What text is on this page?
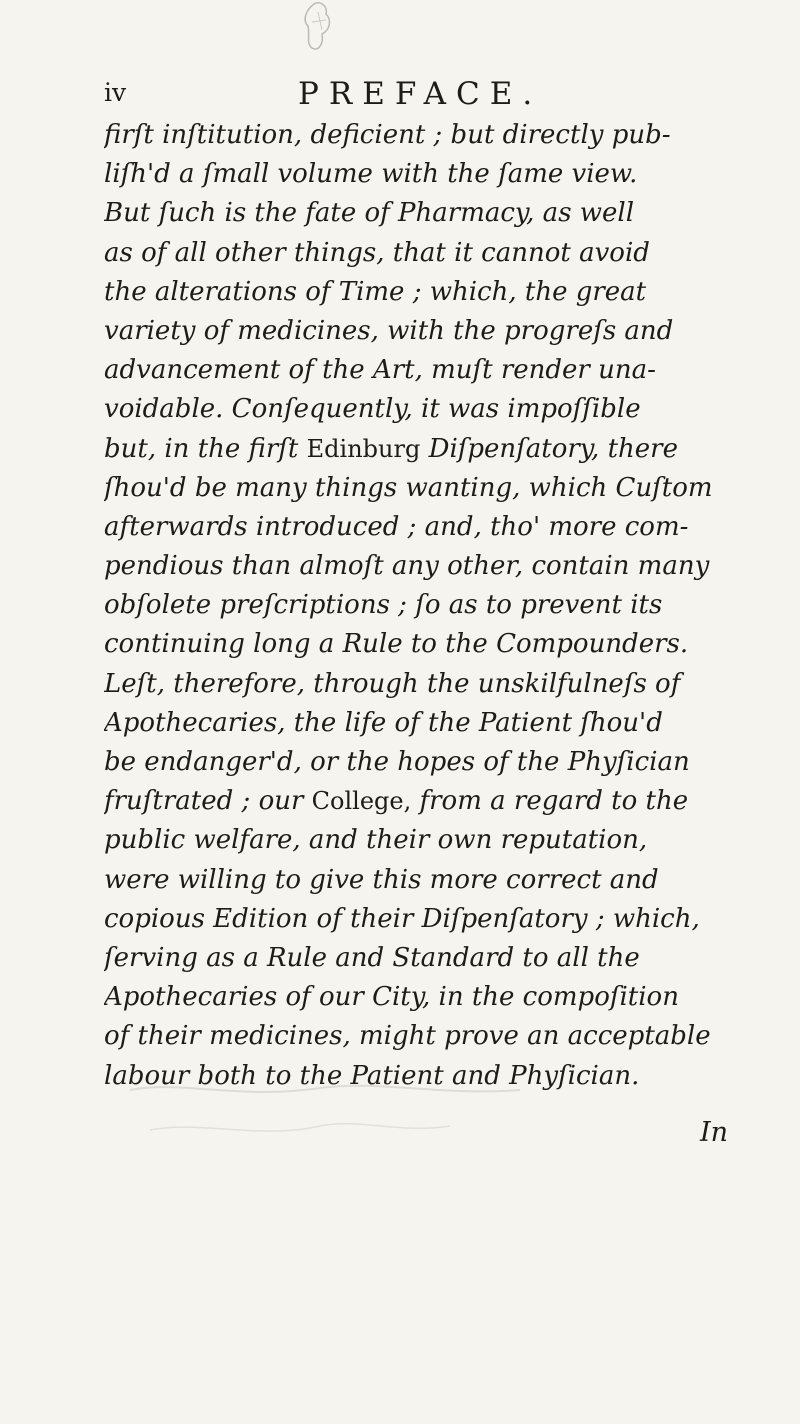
iv	PREFACE.
firſt inſtitution, deficient ; but directly pub-
liſh'd a ſmall volume with the ſame view.
But ſuch is the fate of Pharmacy, as well
as of all other things, that it cannot avoid
the alterations of Time ; which, the great
variety of medicines, with the progreſs and
advancement of the Art, muſt render una-
voidable. Conſequently, it was impoſſible
but, in the firſt Edinburg Diſpenſatory, there
ſhou'd be many things wanting, which Cuſtom
afterwards introduced ; and, tho' more com-
pendious than almoſt any other, contain many
obſolete preſcriptions ; ſo as to prevent its
continuing long a Rule to the Compounders.
Leſt, therefore, through the unskilfulneſs of
Apothecaries, the life of the Patient ſhou'd
be endanger'd, or the hopes of the Phyſician
fruſtrated ; our College, from a regard to the
public welfare, and their own reputation,
were willing to give this more correct and
copious Edition of their Diſpenſatory ; which,
ſerving as a Rule and Standard to all the
Apothecaries of our City, in the compoſition
of their medicines, might prove an acceptable
labour both to the Patient and Phyſician.
In
